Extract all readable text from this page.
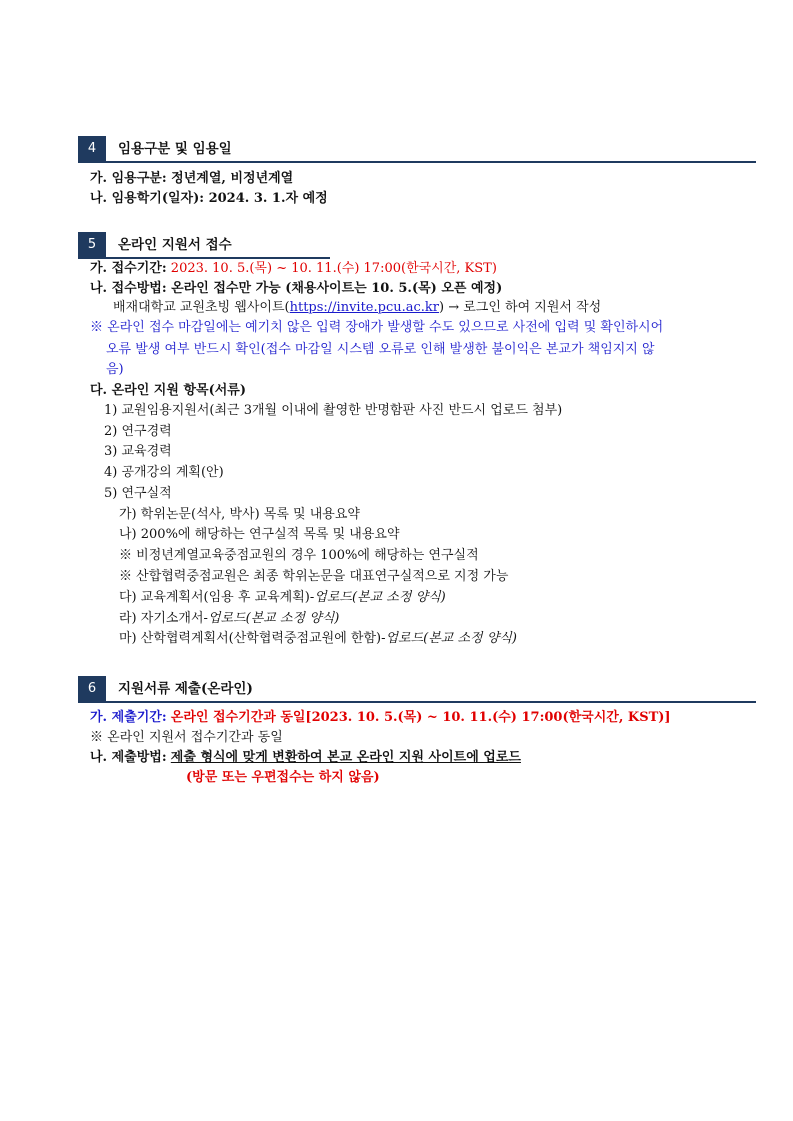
4	임용구분 및 임용일
가. 임용구분: 정년계열, 비정년계열
나. 임용학기(일자): 2024. 3. 1.자 예정
5	온라인 지원서 접수
가. 접수기간: 2023. 10. 5.(목) ~ 10. 11.(수) 17:00(한국시간, KST)
나. 접수방법: 온라인 접수만 가능 (채용사이트는 10. 5.(목) 오픈 예정)
배재대학교 교원초빙 웹사이트(https://invite.pcu.ac.kr) → 로그인 하여 지원서 작성
※ 온라인 접수 마감일에는 예기치 않은 입력 장애가 발생할 수도 있으므로 사전에 입력 및 확인하시어
오류 발생 여부 반드시 확인(접수 마감일 시스템 오류로 인해 발생한 불이익은 본교가 책임지지 않
음)
다. 온라인 지원 항목(서류)
1) 교원임용지원서(최근 3개월 이내에 촬영한 반명함판 사진 반드시 업로드 첨부)
2) 연구경력
3) 교육경력
4) 공개강의 계획(안)
5) 연구실적
가) 학위논문(석사, 박사) 목록 및 내용요약
나) 200%에 해당하는 연구실적 목록 및 내용요약
※ 비정년계열교육중점교원의 경우 100%에 해당하는 연구실적
※ 산합협력중점교원은 최종 학위논문을 대표연구실적으로 지정 가능
다) 교육계획서(임용 후 교육계획)-업로드(본교 소정 양식)
라) 자기소개서-업로드(본교 소정 양식)
마) 산학협력계획서(산학협력중점교원에 한함)-업로드(본교 소정 양식)
6	지원서류 제출(온라인)
가. 제출기간: 온라인 접수기간과 동일[2023. 10. 5.(목) ~ 10. 11.(수) 17:00(한국시간, KST)]
※ 온라인 지원서 접수기간과 동일
나. 제출방법: 제출 형식에 맞게 변환하여 본교 온라인 지원 사이트에 업로드
(방문 또는 우편접수는 하지 않음)
